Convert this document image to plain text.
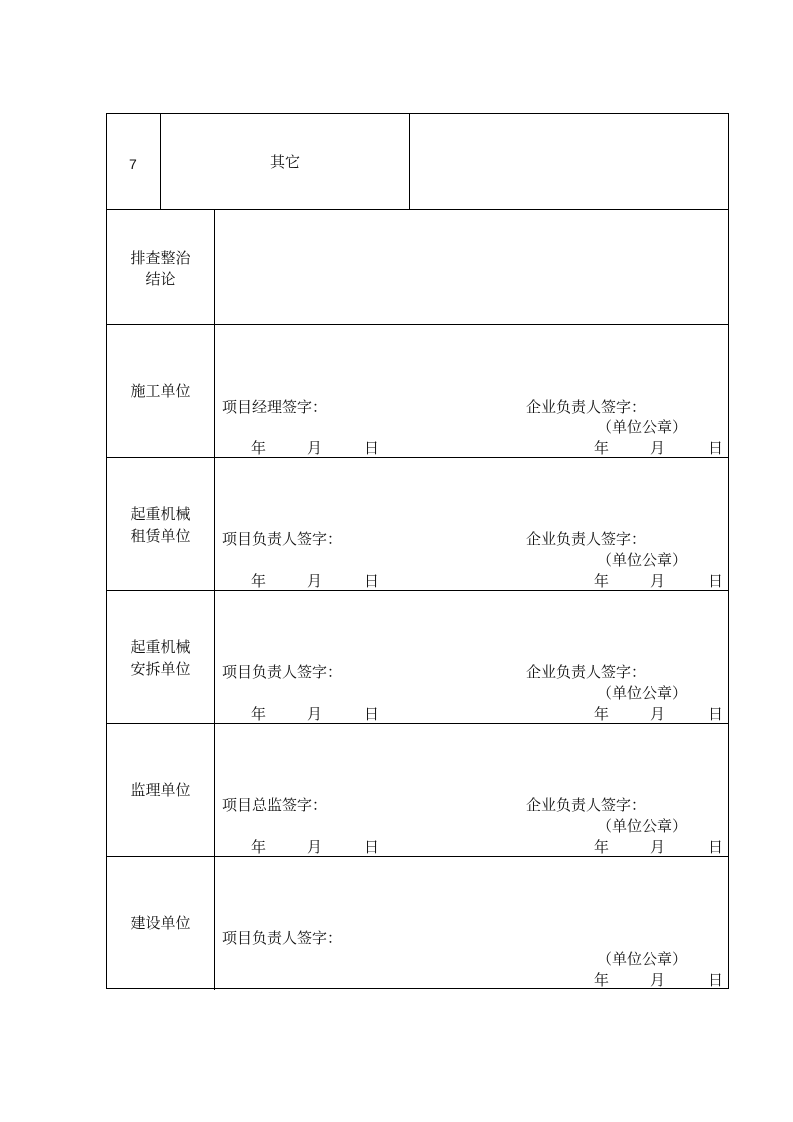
7	其它
排查整治
结论
施工单位
项目经理签字：	企业负责人签字：
（单位公章）
年	月	日	年	月	日
起重机械
租赁单位	项目负责人签字：	企业负责人签字：
（单位公章）
年	月	日	年	月	日
起重机械
安拆单位	项目负责人签字：	企业负责人签字：
（单位公章）
年	月	日	年	月	日
监理单位
项目总监签字：	企业负责人签字：
（单位公章）
年	月	日	年	月	日
建设单位
项目负责人签字：
（单位公章）
年	月	日
